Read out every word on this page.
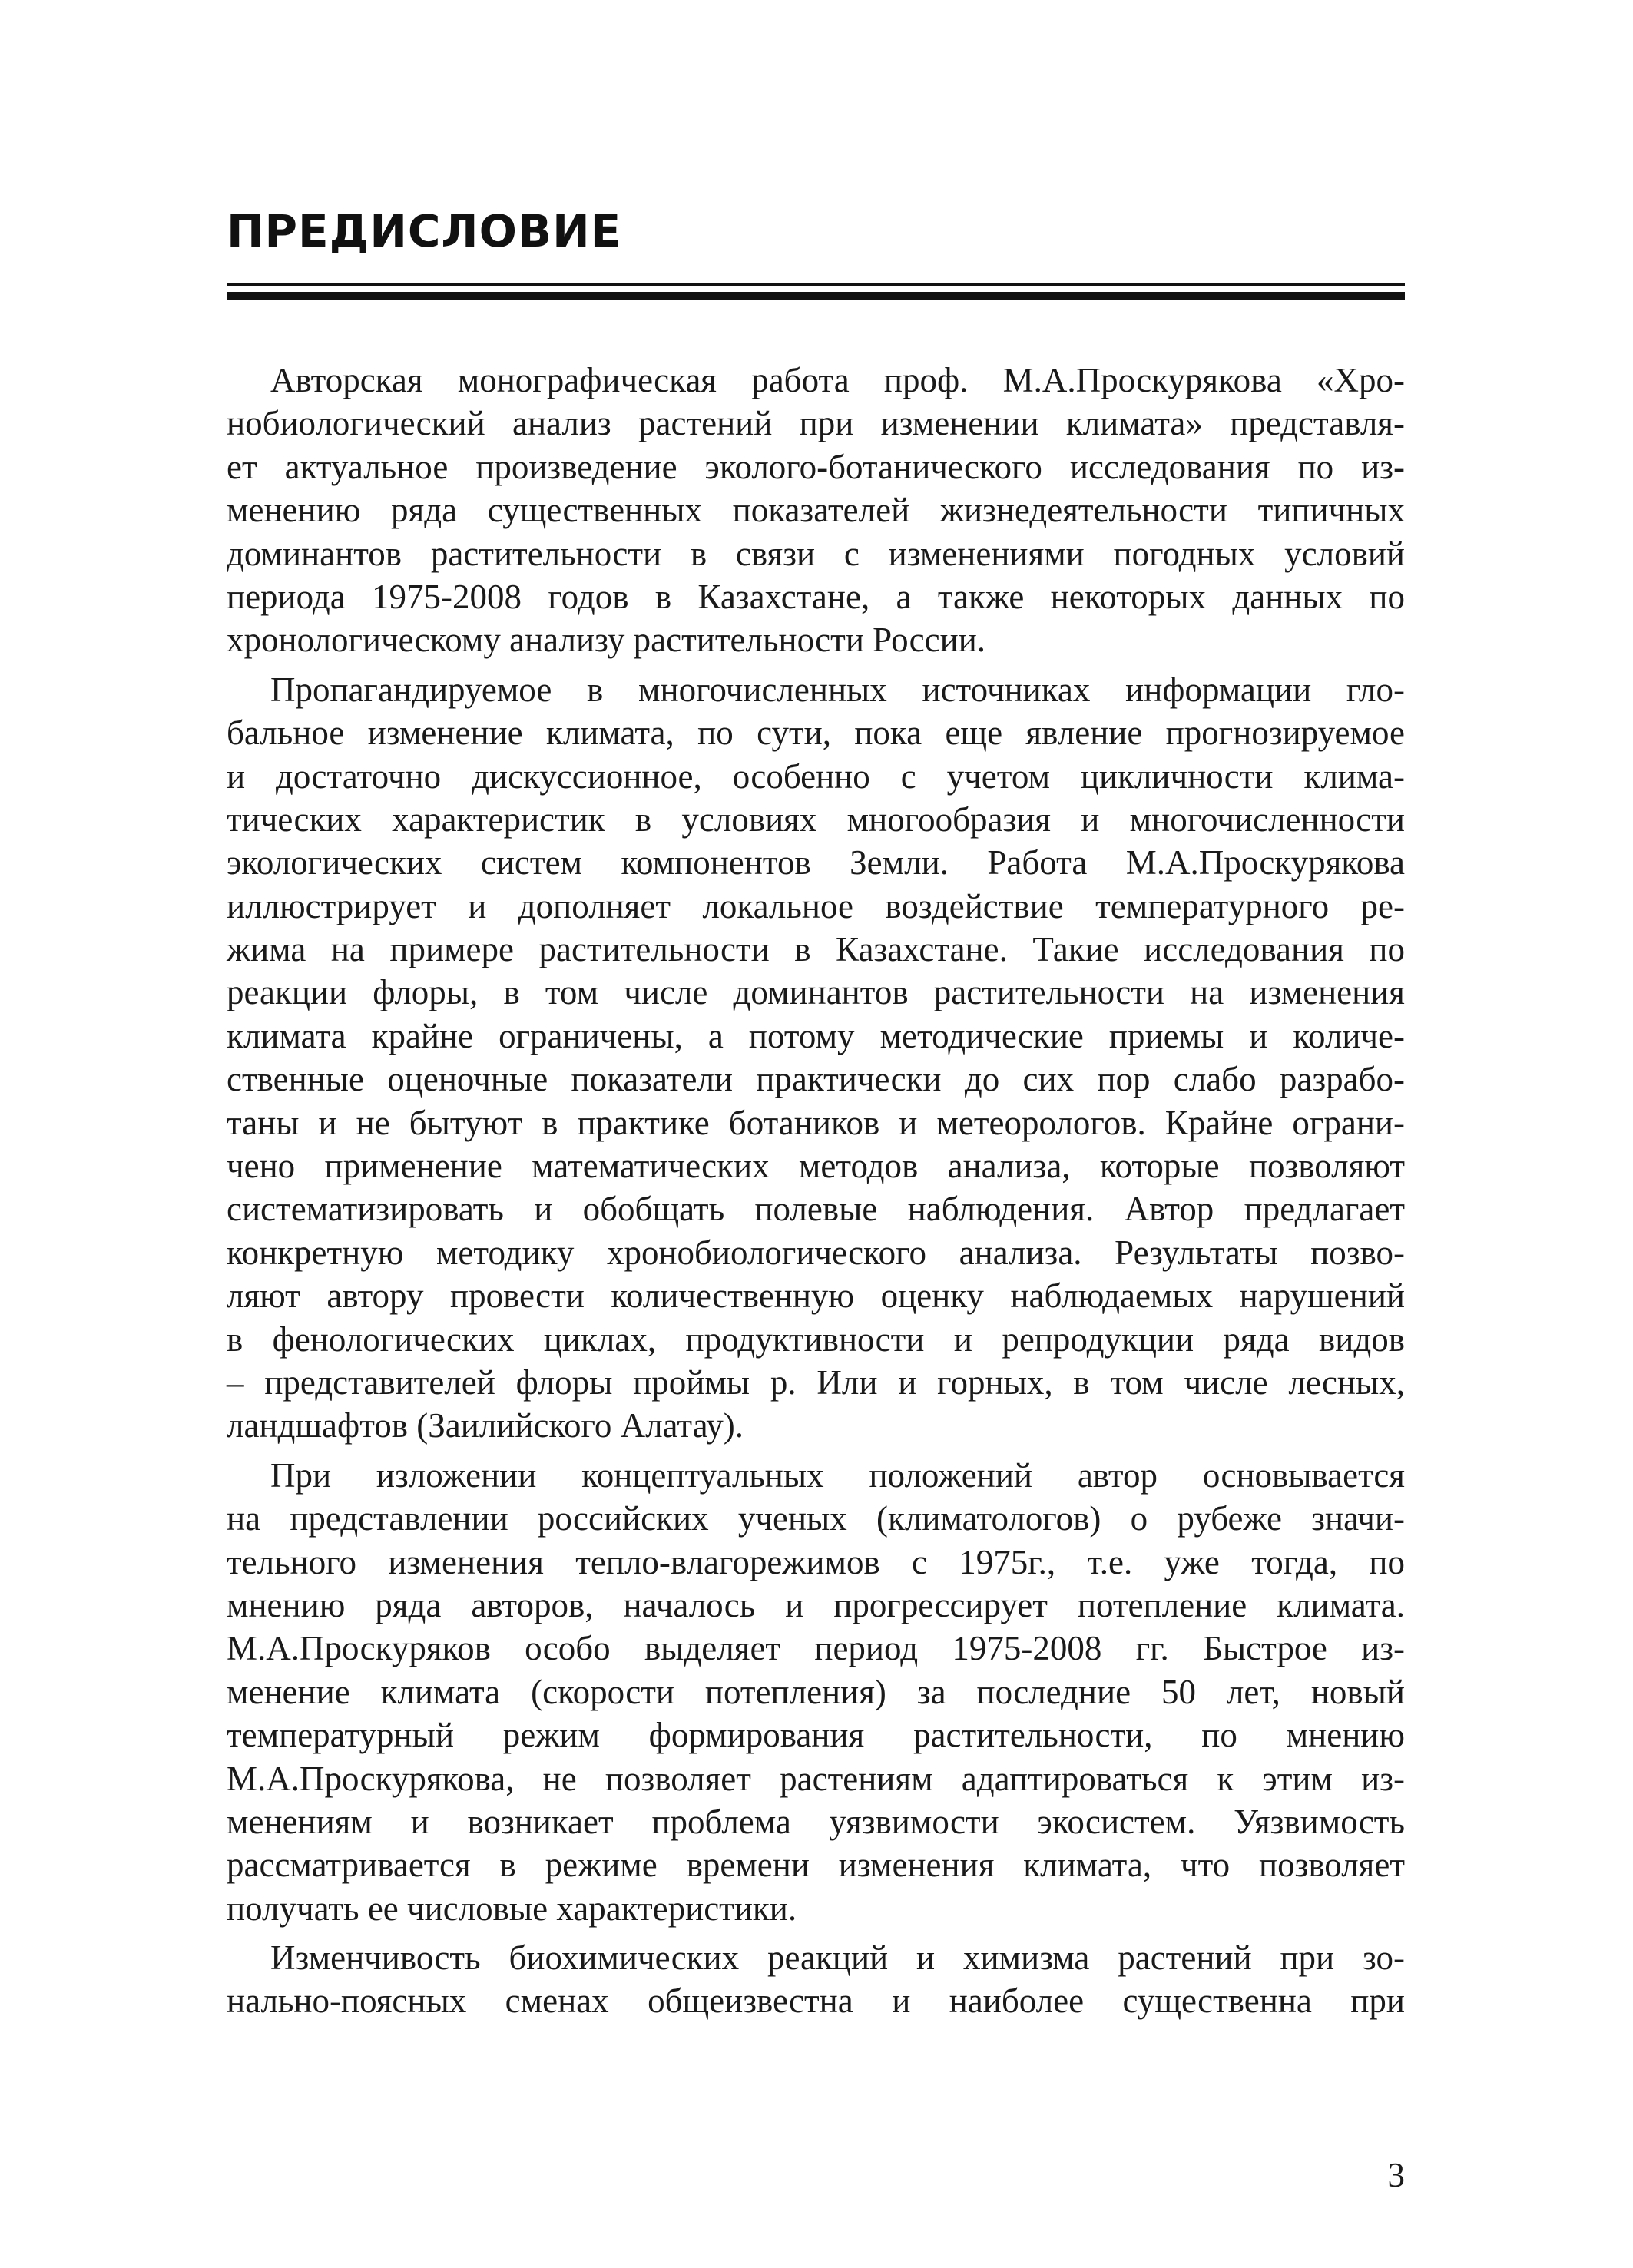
ПРЕДИСЛОВИЕ
Авторская монографическая работа проф. М.А.Проскурякова «Хро-
нобиологический анализ растений при изменении климата» представля-
ет актуальное произведение эколого-ботанического исследования по из-
менению ряда существенных показателей жизнедеятельности типичных
доминантов растительности в связи с изменениями погодных условий
периода 1975-2008 годов в Казахстане, а также некоторых данных по
хронологическому анализу растительности России.
Пропагандируемое в многочисленных источниках информации гло-
бальное изменение климата, по сути, пока еще явление прогнозируемое
и достаточно дискуссионное, особенно с учетом цикличности клима-
тических характеристик в условиях многообразия и многочисленности
экологических систем компонентов Земли. Работа М.А.Проскурякова
иллюстрирует и дополняет локальное воздействие температурного ре-
жима на примере растительности в Казахстане. Такие исследования по
реакции флоры, в том числе доминантов растительности на изменения
климата крайне ограничены, а потому методические приемы и количе-
ственные оценочные показатели практически до сих пор слабо разрабо-
таны и не бытуют в практике ботаников и метеорологов. Крайне ограни-
чено применение математических методов анализа, которые позволяют
систематизировать и обобщать полевые наблюдения. Автор предлагает
конкретную методику хронобиологического анализа. Результаты позво-
ляют автору провести количественную оценку наблюдаемых нарушений
в фенологических циклах, продуктивности и репродукции ряда видов
– представителей флоры проймы р. Или и горных, в том числе лесных,
ландшафтов (Заилийского Алатау).
При изложении концептуальных положений автор основывается
на представлении российских ученых (климатологов) о рубеже значи-
тельного изменения тепло-влагорежимов с 1975г., т.е. уже тогда, по
мнению ряда авторов, началось и прогрессирует потепление климата.
М.А.Проскуряков особо выделяет период 1975-2008 гг. Быстрое из-
менение климата (скорости потепления) за последние 50 лет, новый
температурный режим формирования растительности, по мнению
М.А.Проскурякова, не позволяет растениям адаптироваться к этим из-
менениям и возникает проблема уязвимости экосистем. Уязвимость
рассматривается в режиме времени изменения климата, что позволяет
получать ее числовые характеристики.
Изменчивость биохимических реакций и химизма растений при зо-
нально-поясных сменах общеизвестна и наиболее существенна при
3
